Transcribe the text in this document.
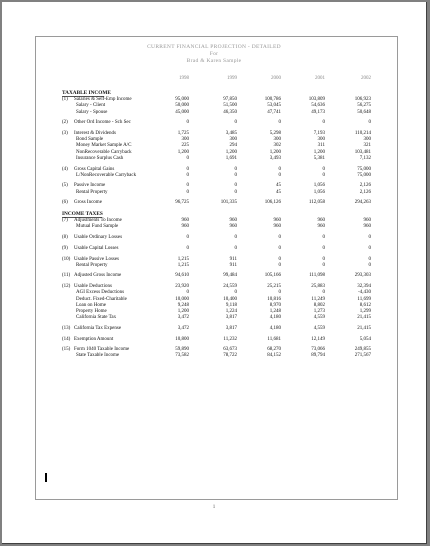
CURRENT FINANCIAL PROJECTION - DETAILED
For
Brad & Karen Sample
1998	1999	2000	2001	2002
TAXABLE INCOME
(1) Salaries & Self-Emp Income	95,000	97,850	100,786	103,809	106,923
Salary - Client	50,000	51,500	53,045	54,636	56,275
Salary - Spouse	45,000	46,350	47,741	49,173	50,648
(2) Other Ord Income - Sch Sec	0	0	0	0	0
(3) Interest & Dividends	1,725	3,485	5,298	7,193	110,214
Bond Sample	300	300	300	300	300
Money Market Sample A/C	225	294	302	311	321
NonRecoverable Carryback	1,200	1,200	1,200	1,200	103,481
Insurance Surplus Cash	0	1,691	3,493	5,381	7,132
(4) Gross Capital Gains	0	0	0	0	75,000
L/NonRecoverable Carryback	0	0	0	0	75,000
(5) Passive Income	0	0	45	1,056	2,126
Rental Property	0	0	45	1,056	2,126
(6) Gross Income	96,725	101,335	106,126	112,058	294,263
INCOME TAXES
(7) Adjustments To Income	960	960	960	960	960
Mutual Fund Sample	960	960	960	960	960
(8) Usable Ordinary Losses	0	0	0	0	0
(9) Usable Capital Losses	0	0	0	0	0
(10) Usable Passive Losses	1,215	911	0	0	0
Rental Property	1,215	911	0	0	0
(11) Adjusted Gross Income	94,610	99,484	105,166	111,098	293,303
(12) Usable Deductions	23,920	24,559	25,215	25,883	32,394
AGI Excess Deductions	0	0	0	0	-4,430
Deduct. Fixed-Charitable	10,000	10,400	10,816	11,249	11,699
Loan on Home	9,248	9,118	8,970	8,802	8,612
Property Home	1,200	1,224	1,248	1,273	1,299
California State Tax	3,472	3,817	4,180	4,559	21,415
(13) California Tax Expense	3,472	3,817	4,180	4,559	21,415
(14) Exemption Amount	10,800	11,232	11,681	12,149	5,054
(15) Form 1040 Taxable Income	59,890	63,673	68,270	73,066	249,855
State Taxable Income	73,582	78,722	84,152	89,794	271,567
1
